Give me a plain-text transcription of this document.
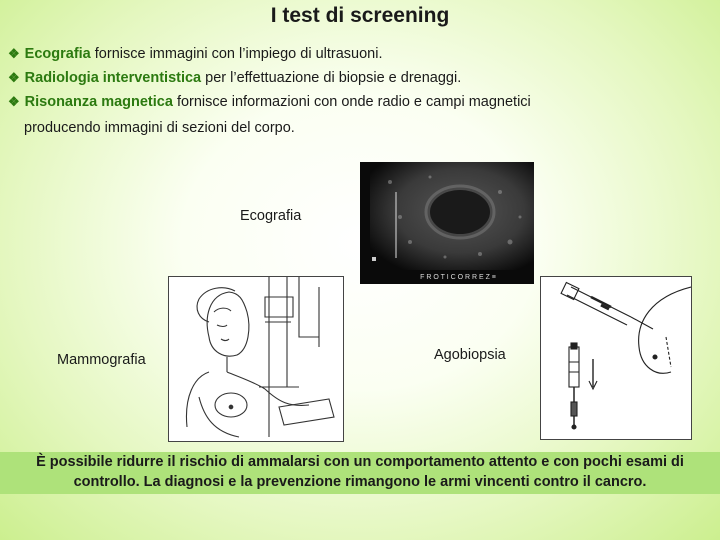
I test di screening
❖ Ecografia fornisce immagini con l’impiego di ultrasuoni.
❖ Radiologia interventistica per l’effettuazione di biopsie e drenaggi.
❖ Risonanza magnetica fornisce informazioni con onde radio e campi magnetici
producendo immagini di sezioni del corpo.
F R O T I C O R R E Z ≡
Ecografia
Mammografia	Agobiopsia
È possibile ridurre il rischio di ammalarsi con un comportamento attento e con pochi esami di controllo. La diagnosi e la prevenzione rimangono le armi vincenti contro il cancro.
